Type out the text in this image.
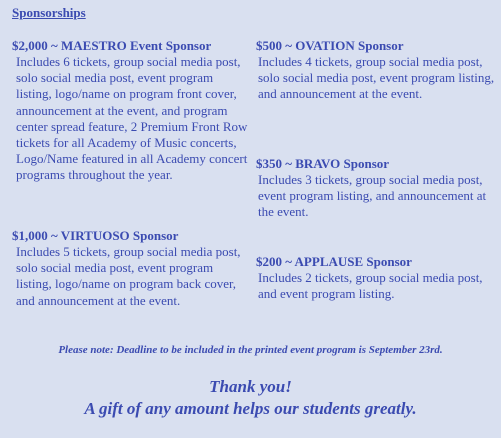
Sponsorships
$2,000 ~ MAESTRO Event Sponsor
Includes 6 tickets, group social media post, solo social media post, event program listing, logo/name on program front cover, announcement at the event, and program center spread feature, 2 Premium Front Row tickets for all Academy of Music concerts, Logo/Name featured in all Academy concert programs throughout the year.
$1,000 ~ VIRTUOSO Sponsor
Includes 5 tickets, group social media post, solo social media post, event program listing, logo/name on program back cover, and announcement at the event.
$500 ~ OVATION Sponsor
Includes 4 tickets, group social media post, solo social media post, event program listing, and announcement at the event.
$350 ~ BRAVO Sponsor
Includes 3 tickets, group social media post, event program listing, and announcement at the event.
$200 ~ APPLAUSE Sponsor
Includes 2 tickets, group social media post, and event program listing.
Please note: Deadline to be included in the printed event program is September 23rd.
Thank you!
A gift of any amount helps our students greatly.
